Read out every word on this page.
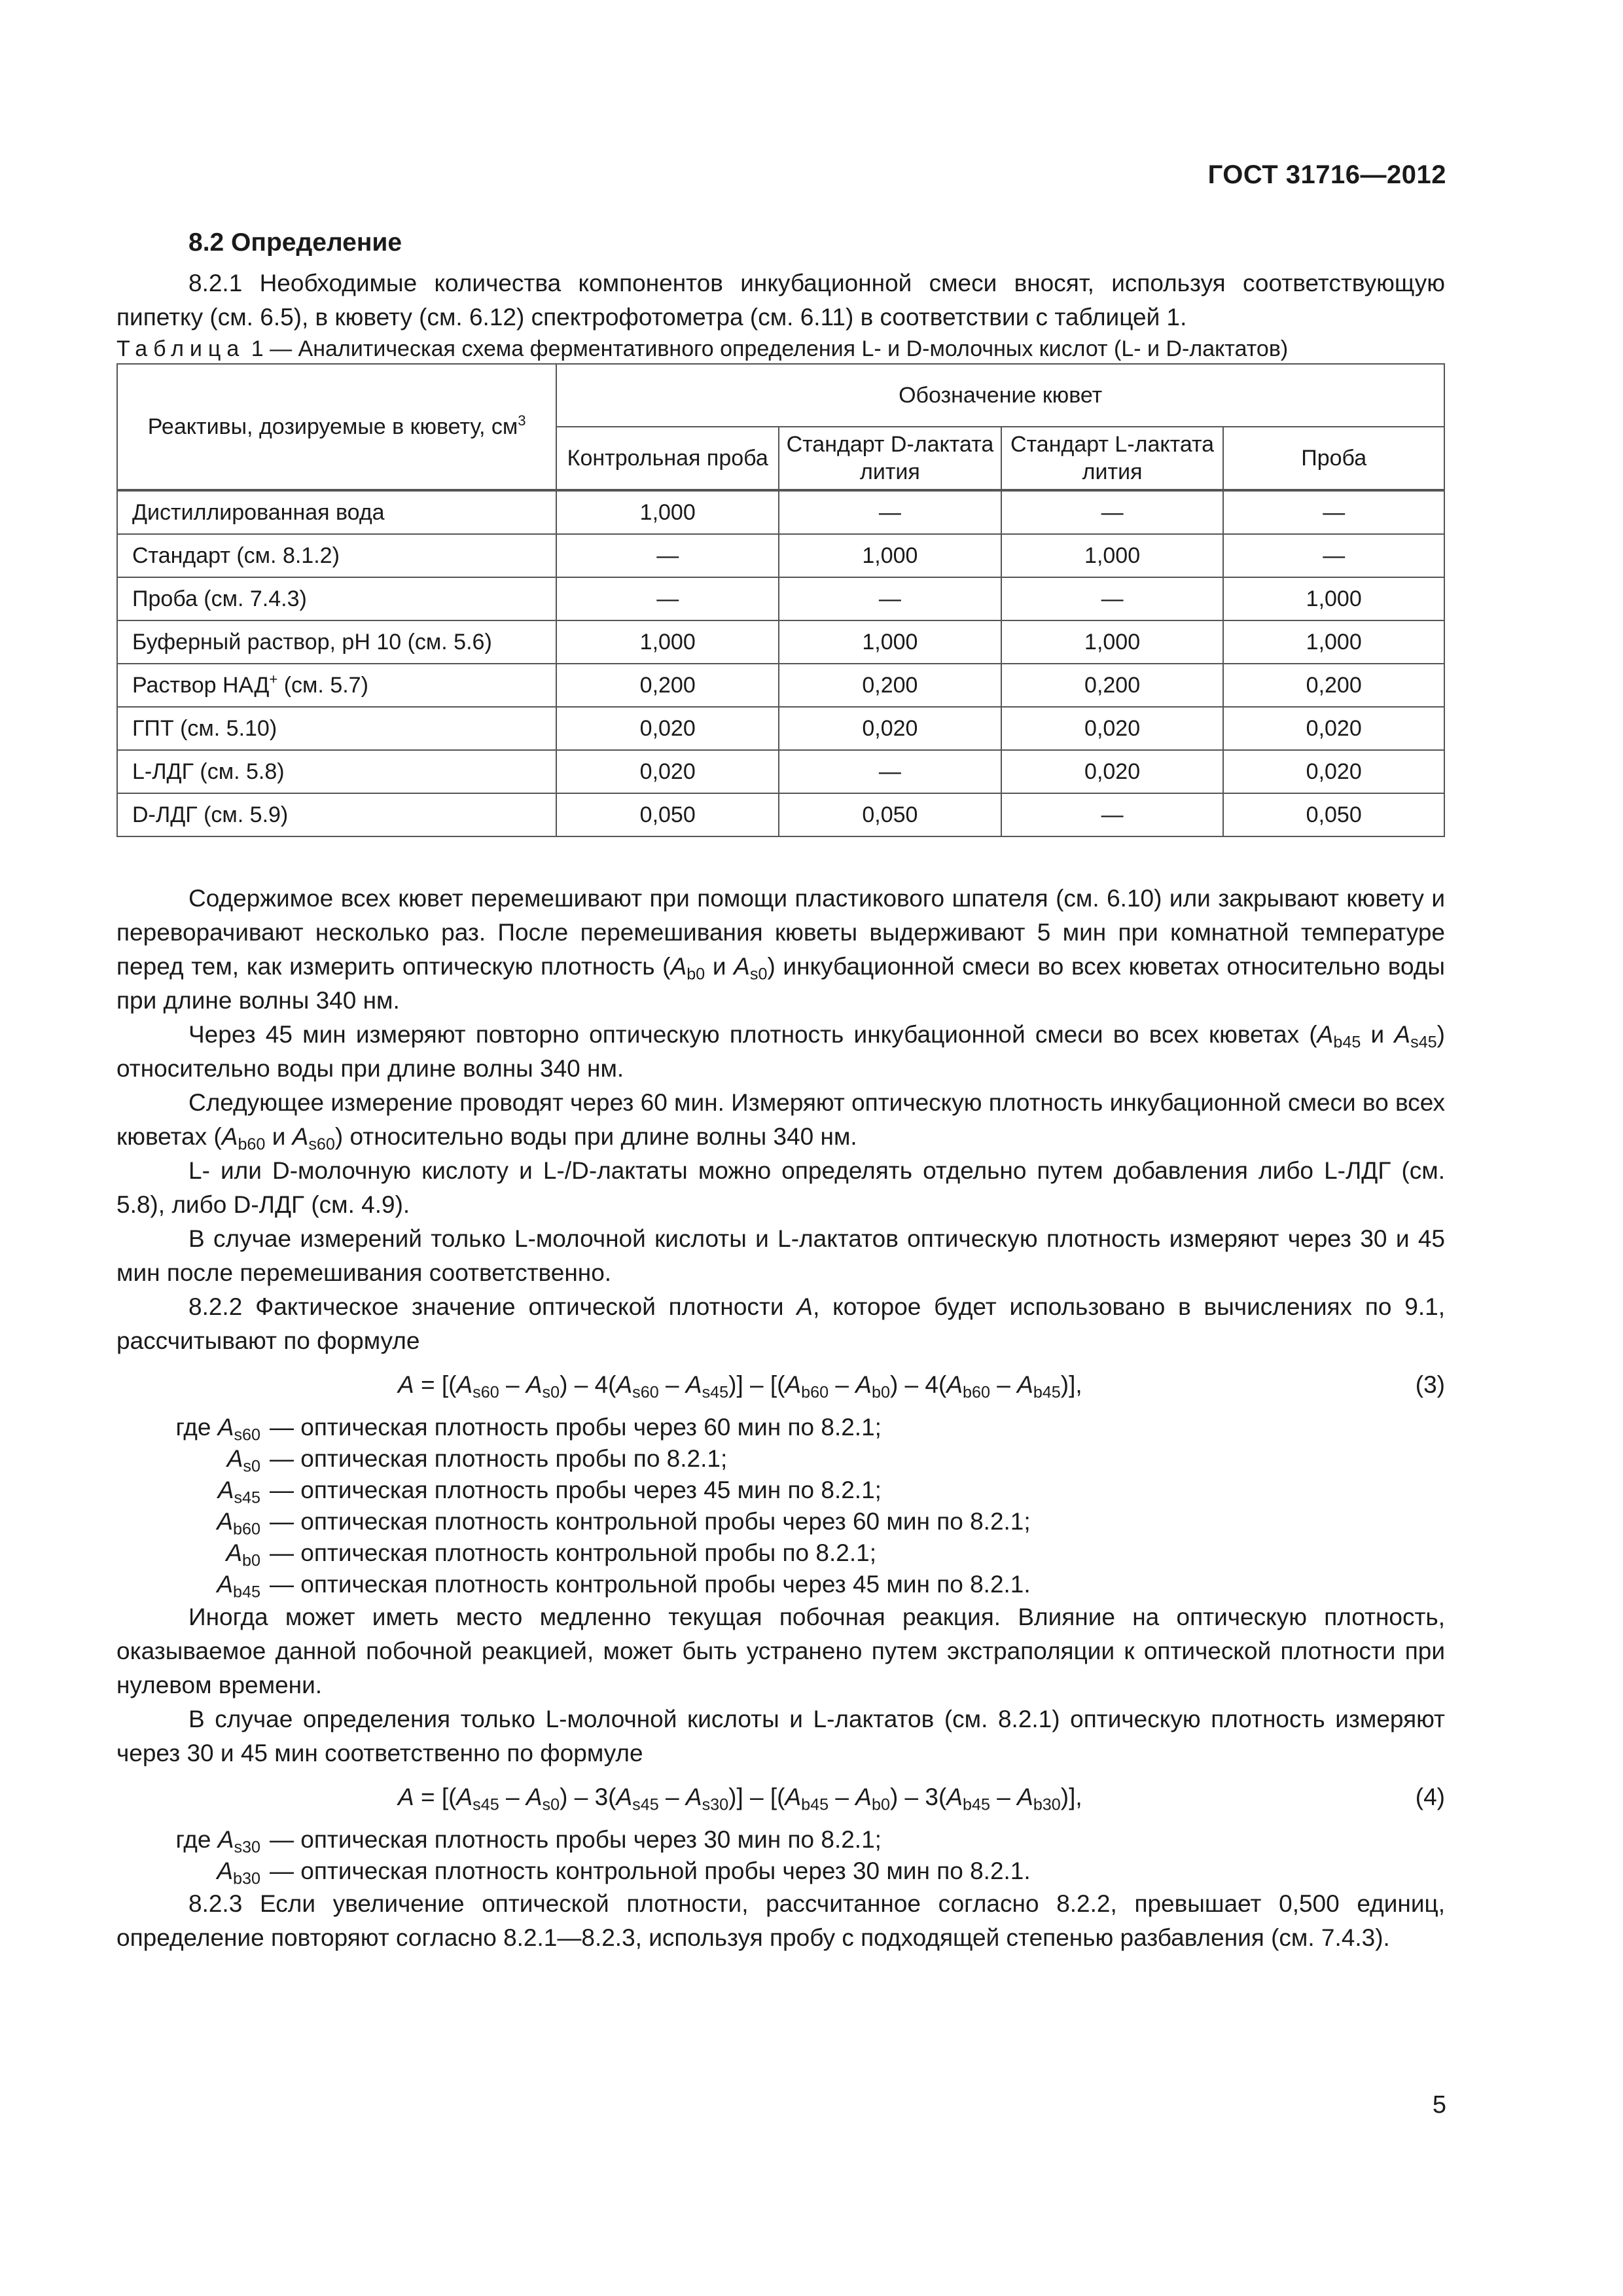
ГОСТ 31716—2012
8.2 Определение

8.2.1 Необходимые количества компонентов инкубационной смеси вносят, используя соответствующую пипетку (см. 6.5), в кювету (см. 6.12) спектрофотометра (см. 6.11) в соответствии с таблицей 1.

Таблица 1 — Аналитическая схема ферментативного определения L- и D-молочных кислот (L- и D-лактатов)

Реактивы, дозируемые в кювету, $см^3$	Обозначение кювет			
	Контрольная проба	Стандарт D-лактата лития	Стандарт L-лактата лития	Проба
Дистиллированная вода	1,000	—	—	—
Стандарт (см. 8.1.2)	—	1,000	1,000	—
Проба (см. 7.4.3)	—	—	—	1,000
Буферный раствор, pH 10 (см. 5.6)	1,000	1,000	1,000	1,000
Раствор НАД+ (см. 5.7)	0,200	0,200	0,200	0,200
ГПТ (см. 5.10)	0,020	0,020	0,020	0,020
L-ЛДГ (см. 5.8)	0,020	—	0,020	0,020
D-ЛДГ (см. 5.9)	0,050	0,050	—	0,050

Содержимое всех кювет перемешивают при помощи пластикового шпателя (см. 6.10) или закрывают кювету и переворачивают несколько раз. После перемешивания кюветы выдерживают 5 мин при комнатной температуре перед тем, как измерить оптическую плотность ($A_{b0}$ и $A_{s0}$) инкубационной смеси во всех кюветах относительно воды при длине волны 340 нм.

Через 45 мин измеряют повторно оптическую плотность инкубационной смеси во всех кюветах ($A_{b45}$ и $A_{s45}$) относительно воды при длине волны 340 нм.

Следующее измерение проводят через 60 мин. Измеряют оптическую плотность инкубационной смеси во всех кюветах ($A_{b60}$ и $A_{s60}$) относительно воды при длине волны 340 нм.

L- или D-молочную кислоту и L-/D-лактаты можно определять отдельно путем добавления либо L-ЛДГ (см. 5.8), либо D-ЛДГ (см. 4.9).

В случае измерений только L-молочной кислоты и L-лактатов оптическую плотность измеряют через 30 и 45 мин после перемешивания соответственно.

8.2.2 Фактическое значение оптической плотности A, которое будет использовано в вычислениях по 9.1, рассчитывают по формуле

$A = [(A_{s60} - A_{s0}) - 4(A_{s60} - A_{s45})] - [(A_{b60} - A_{b0}) - 4(A_{b60} - A_{b45})]$,	(3)
где $A_{s60}$ — оптическая плотность пробы через 60 мин по 8.2.1;
$A_{s0}$ — оптическая плотность пробы по 8.2.1;
$A_{s45}$ — оптическая плотность пробы через 45 мин по 8.2.1;
$A_{b60}$ — оптическая плотность контрольной пробы через 60 мин по 8.2.1;
$A_{b0}$ — оптическая плотность контрольной пробы по 8.2.1;
$A_{b45}$ — оптическая плотность контрольной пробы через 45 мин по 8.2.1.

Иногда может иметь место медленно текущая побочная реакция. Влияние на оптическую плотность, оказываемое данной побочной реакцией, может быть устранено путем экстраполяции к оптической плотности при нулевом времени.

В случае определения только L-молочной кислоты и L-лактатов (см. 8.2.1) оптическую плотность измеряют через 30 и 45 мин соответственно по формуле

$A = [(A_{s45} - A_{s0}) - 3(A_{s45} - A_{s30})] - [(A_{b45} - A_{b0}) - 3(A_{b45} - A_{b30})]$,	(4)
где $A_{s30}$ — оптическая плотность пробы через 30 мин по 8.2.1;
$A_{b30}$ — оптическая плотность контрольной пробы через 30 мин по 8.2.1.

8.2.3 Если увеличение оптической плотности, рассчитанное согласно 8.2.2, превышает 0,500 единиц, определение повторяют согласно 8.2.1—8.2.3, используя пробу с подходящей степенью разбавления (см. 7.4.3).

5
